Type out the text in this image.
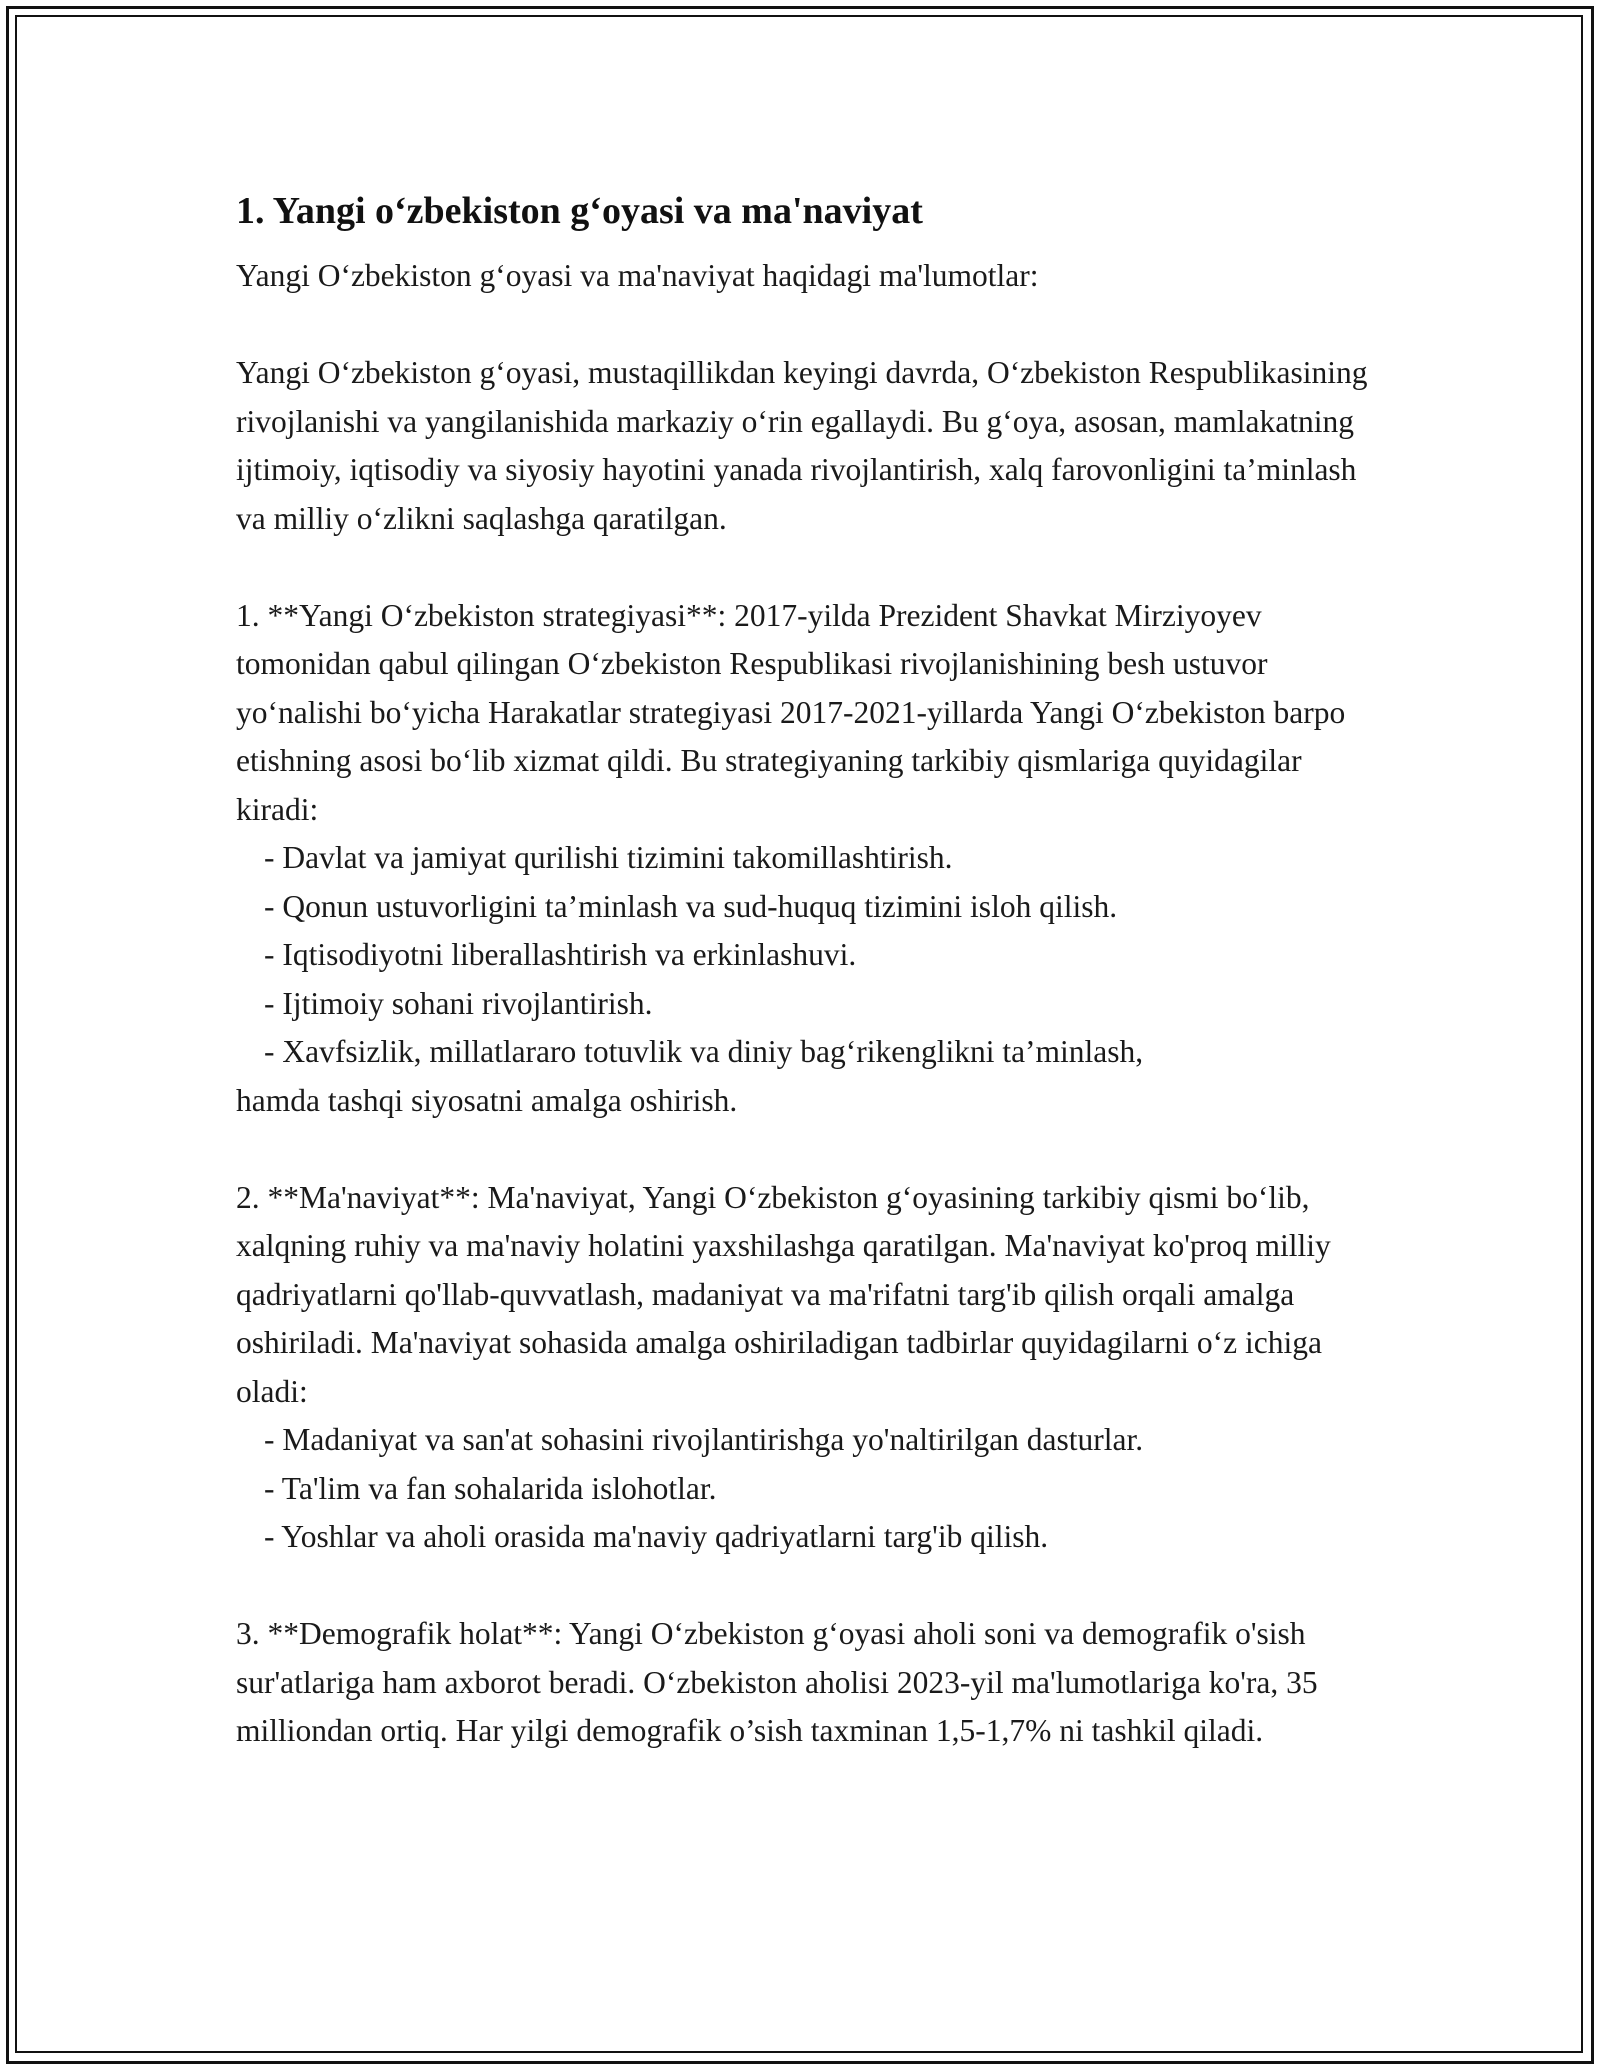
1. Yangi o‘zbekiston g‘oyasi va ma'naviyat

Yangi O‘zbekiston g‘oyasi va ma'naviyat haqidagi ma'lumotlar:

Yangi O‘zbekiston g‘oyasi, mustaqillikdan keyingi davrda, O‘zbekiston Respublikasining rivojlanishi va yangilanishida markaziy o‘rin egallaydi. Bu g‘oya, asosan, mamlakatning ijtimoiy, iqtisodiy va siyosiy hayotini yanada rivojlantirish, xalq farovonligini ta’minlash va milliy o‘zlikni saqlashga qaratilgan.

1. **Yangi O‘zbekiston strategiyasi**: 2017-yilda Prezident Shavkat Mirziyoyev tomonidan qabul qilingan O‘zbekiston Respublikasi rivojlanishining besh ustuvor yo‘nalishi bo‘yicha Harakatlar strategiyasi 2017-2021-yillarda Yangi O‘zbekiston barpo etishning asosi bo‘lib xizmat qildi. Bu strategiyaning tarkibiy qismlariga quyidagilar kiradi:

- Davlat va jamiyat qurilishi tizimini takomillashtirish.

- Qonun ustuvorligini ta’minlash va sud-huquq tizimini isloh qilish.

- Iqtisodiyotni liberallashtirish va erkinlashuvi.

- Ijtimoiy sohani rivojlantirish.

- Xavfsizlik, millatlararo totuvlik va diniy bag‘rikenglikni ta’minlash,

hamda tashqi siyosatni amalga oshirish.

2. **Ma'naviyat**: Ma'naviyat, Yangi O‘zbekiston g‘oyasining tarkibiy qismi bo‘lib, xalqning ruhiy va ma'naviy holatini yaxshilashga qaratilgan. Ma'naviyat ko'proq milliy qadriyatlarni qo'llab-quvvatlash, madaniyat va ma'rifatni targ'ib qilish orqali amalga oshiriladi. Ma'naviyat sohasida amalga oshiriladigan tadbirlar quyidagilarni o‘z ichiga oladi:

- Madaniyat va san'at sohasini rivojlantirishga yo'naltirilgan dasturlar.

- Ta'lim va fan sohalarida islohotlar.

- Yoshlar va aholi orasida ma'naviy qadriyatlarni targ'ib qilish.

3. **Demografik holat**: Yangi O‘zbekiston g‘oyasi aholi soni va demografik o'sish sur'atlariga ham axborot beradi. O‘zbekiston aholisi 2023-yil ma'lumotlariga ko'ra, 35 milliondan ortiq. Har yilgi demografik o’sish taxminan 1,5-1,7% ni tashkil qiladi.
